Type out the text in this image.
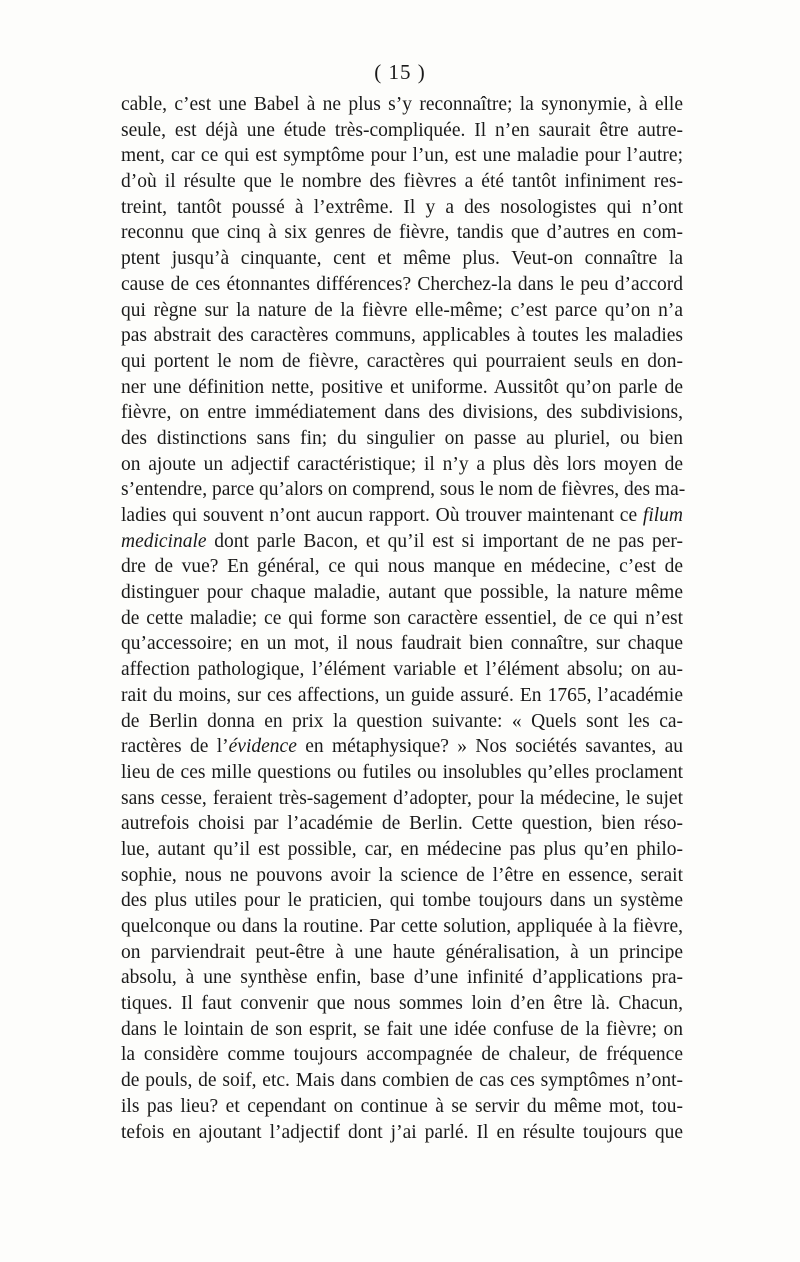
( 15 )
cable, c’est une Babel à ne plus s’y reconnaître; la synonymie, à elle
seule, est déjà une étude très-compliquée. Il n’en saurait être autre-
ment, car ce qui est symptôme pour l’un, est une maladie pour l’autre;
d’où il résulte que le nombre des fièvres a été tantôt infiniment res-
treint, tantôt poussé à l’extrême. Il y a des nosologistes qui n’ont
reconnu que cinq à six genres de fièvre, tandis que d’autres en com-
ptent jusqu’à cinquante, cent et même plus. Veut-on connaître la
cause de ces étonnantes différences? Cherchez-la dans le peu d’accord
qui règne sur la nature de la fièvre elle-même; c’est parce qu’on n’a
pas abstrait des caractères communs, applicables à toutes les maladies
qui portent le nom de fièvre, caractères qui pourraient seuls en don-
ner une définition nette, positive et uniforme. Aussitôt qu’on parle de
fièvre, on entre immédiatement dans des divisions, des subdivisions,
des distinctions sans fin; du singulier on passe au pluriel, ou bien
on ajoute un adjectif caractéristique; il n’y a plus dès lors moyen de
s’entendre, parce qu’alors on comprend, sous le nom de fièvres, des ma-
ladies qui souvent n’ont aucun rapport. Où trouver maintenant ce filum
medicinale dont parle Bacon, et qu’il est si important de ne pas per-
dre de vue? En général, ce qui nous manque en médecine, c’est de
distinguer pour chaque maladie, autant que possible, la nature même
de cette maladie; ce qui forme son caractère essentiel, de ce qui n’est
qu’accessoire; en un mot, il nous faudrait bien connaître, sur chaque
affection pathologique, l’élément variable et l’élément absolu; on au-
rait du moins, sur ces affections, un guide assuré. En 1765, l’académie
de Berlin donna en prix la question suivante: « Quels sont les ca-
ractères de l’évidence en métaphysique? » Nos sociétés savantes, au
lieu de ces mille questions ou futiles ou insolubles qu’elles proclament
sans cesse, feraient très-sagement d’adopter, pour la médecine, le sujet
autrefois choisi par l’académie de Berlin. Cette question, bien réso-
lue, autant qu’il est possible, car, en médecine pas plus qu’en philo-
sophie, nous ne pouvons avoir la science de l’être en essence, serait
des plus utiles pour le praticien, qui tombe toujours dans un système
quelconque ou dans la routine. Par cette solution, appliquée à la fièvre,
on parviendrait peut-être à une haute généralisation, à un principe
absolu, à une synthèse enfin, base d’une infinité d’applications pra-
tiques. Il faut convenir que nous sommes loin d’en être là. Chacun,
dans le lointain de son esprit, se fait une idée confuse de la fièvre; on
la considère comme toujours accompagnée de chaleur, de fréquence
de pouls, de soif, etc. Mais dans combien de cas ces symptômes n’ont-
ils pas lieu? et cependant on continue à se servir du même mot, tou-
tefois en ajoutant l’adjectif dont j’ai parlé. Il en résulte toujours que
